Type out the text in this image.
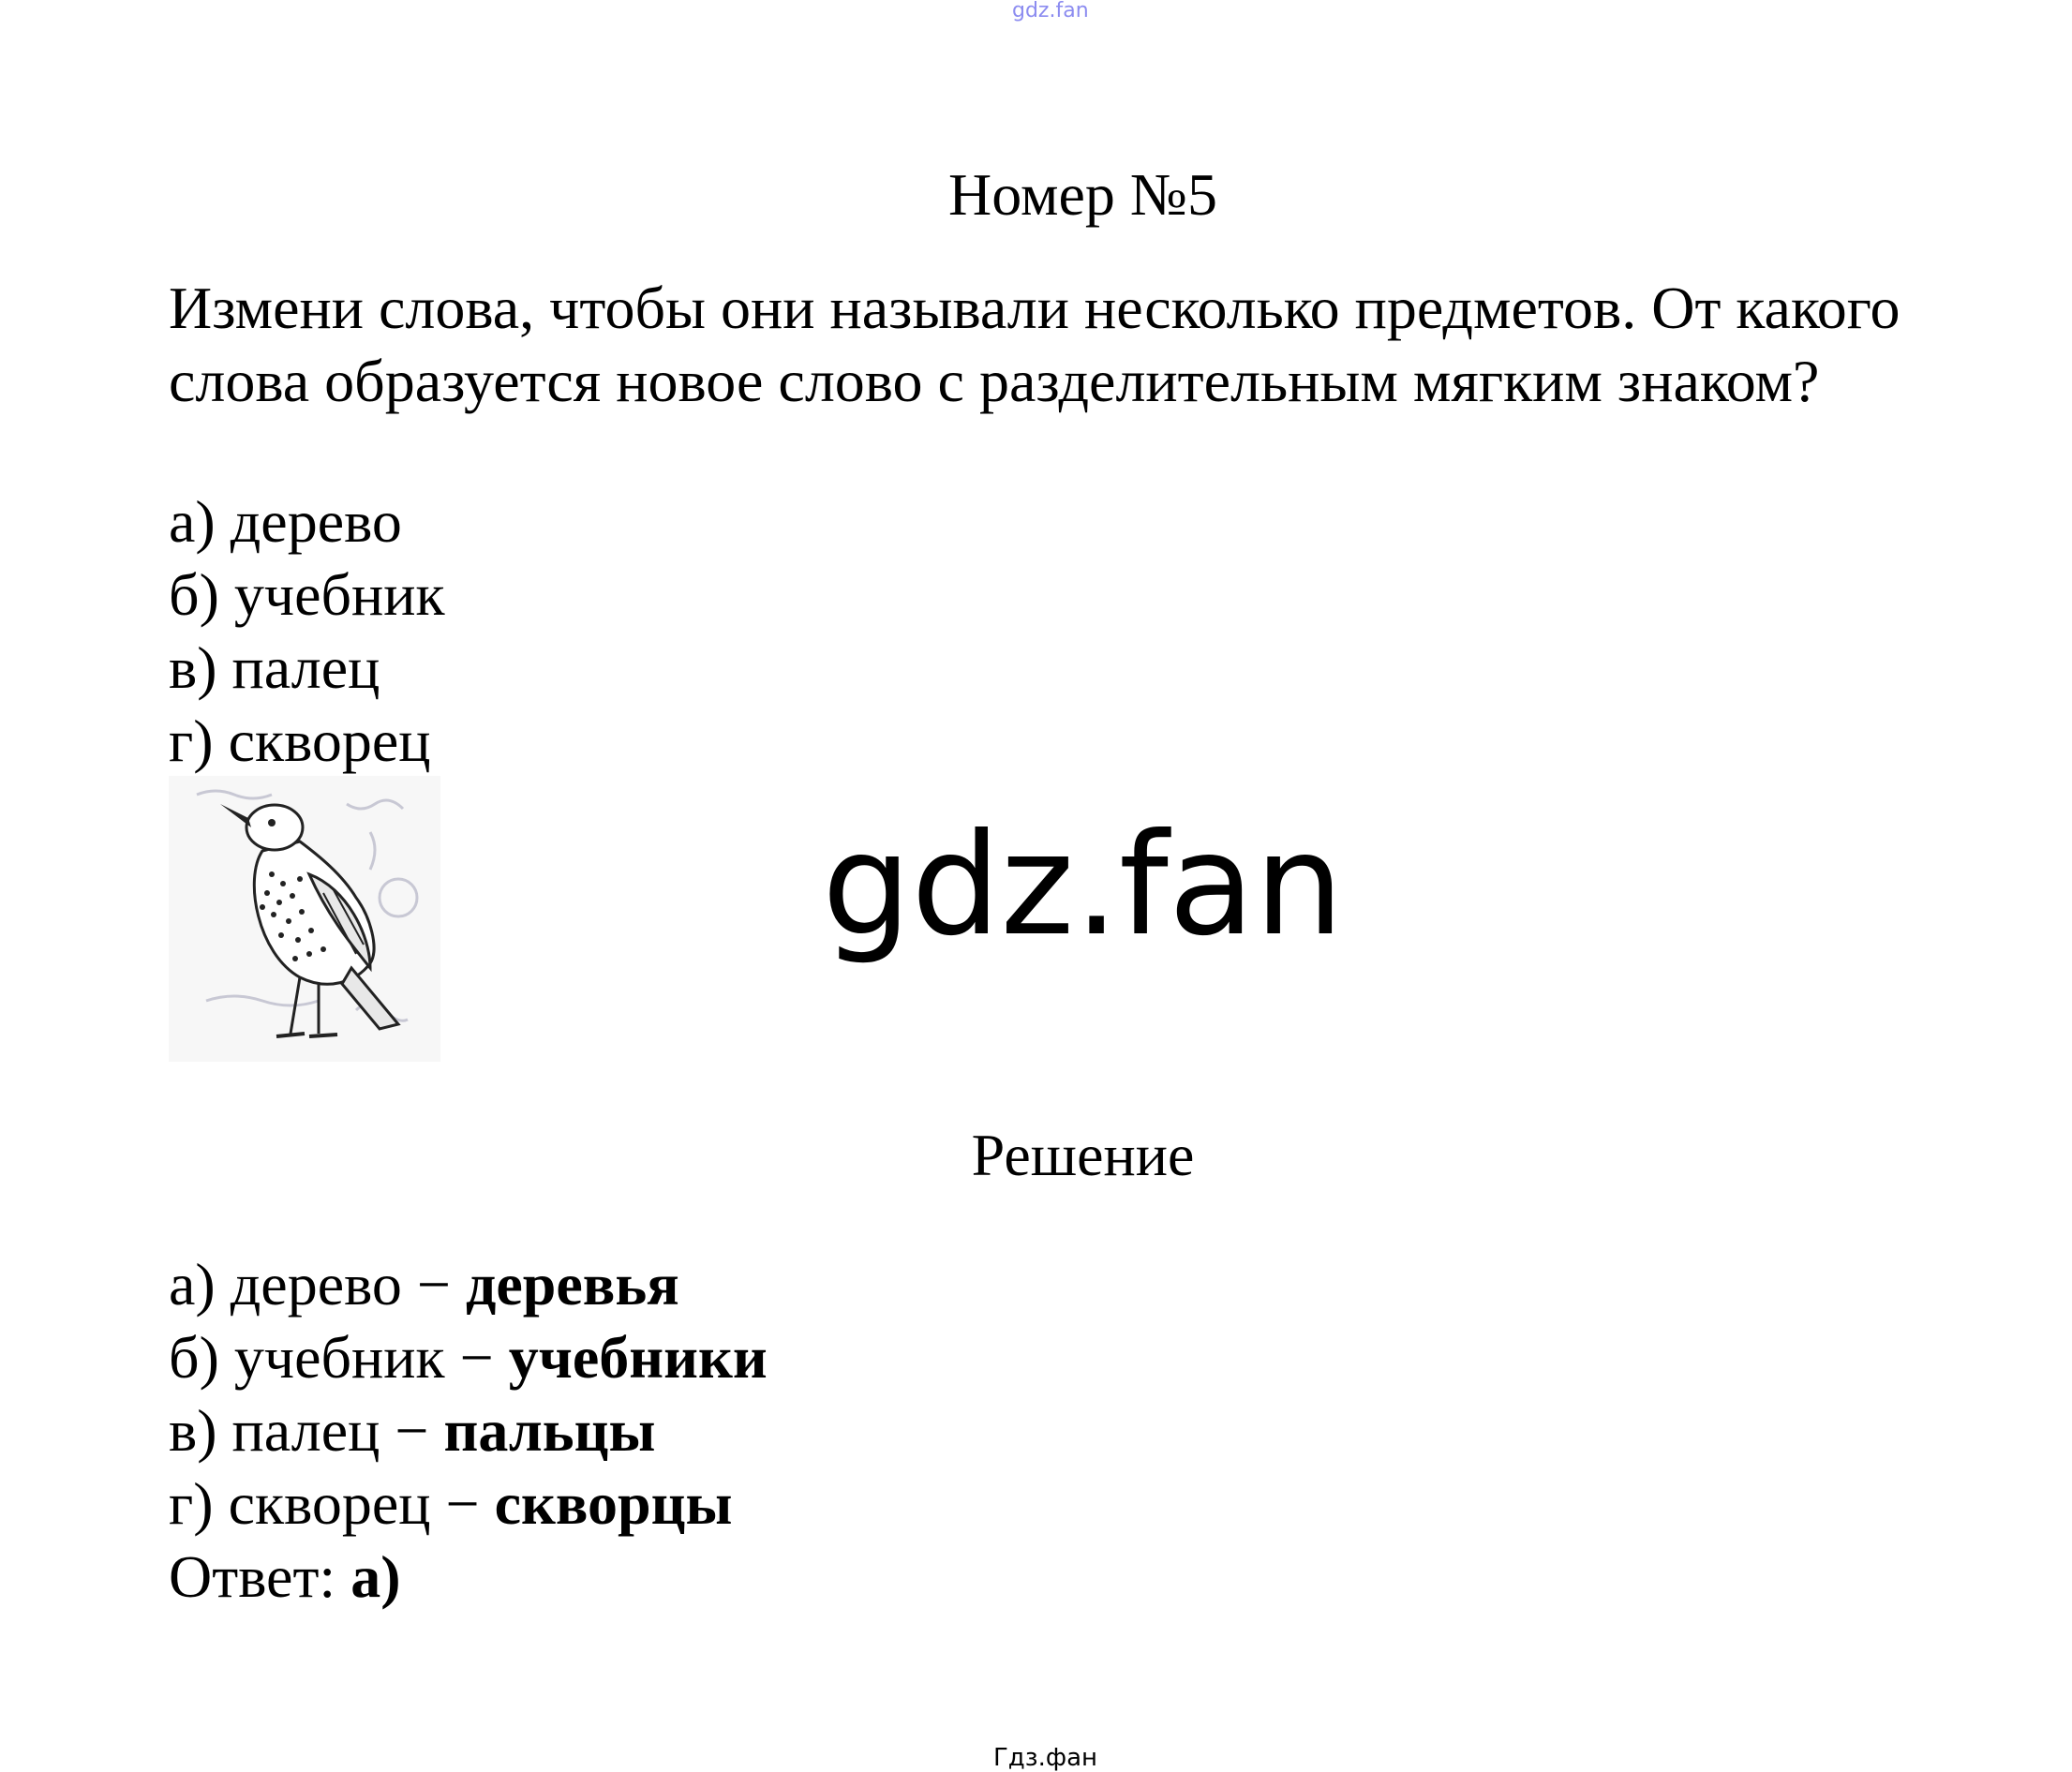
gdz.fan
Номер №5
Измени слова, чтобы они называли несколько предметов. От какого слова образуется новое слово с разделительным мягким знаком?
а) дерево
б) учебник
в) палец
г) скворец
gdz.fan
Решение
а) дерево − деревья
б) учебник − учебники
в) палец − пальцы
г) скворец − скворцы
Ответ: а)
Гдз.фан
